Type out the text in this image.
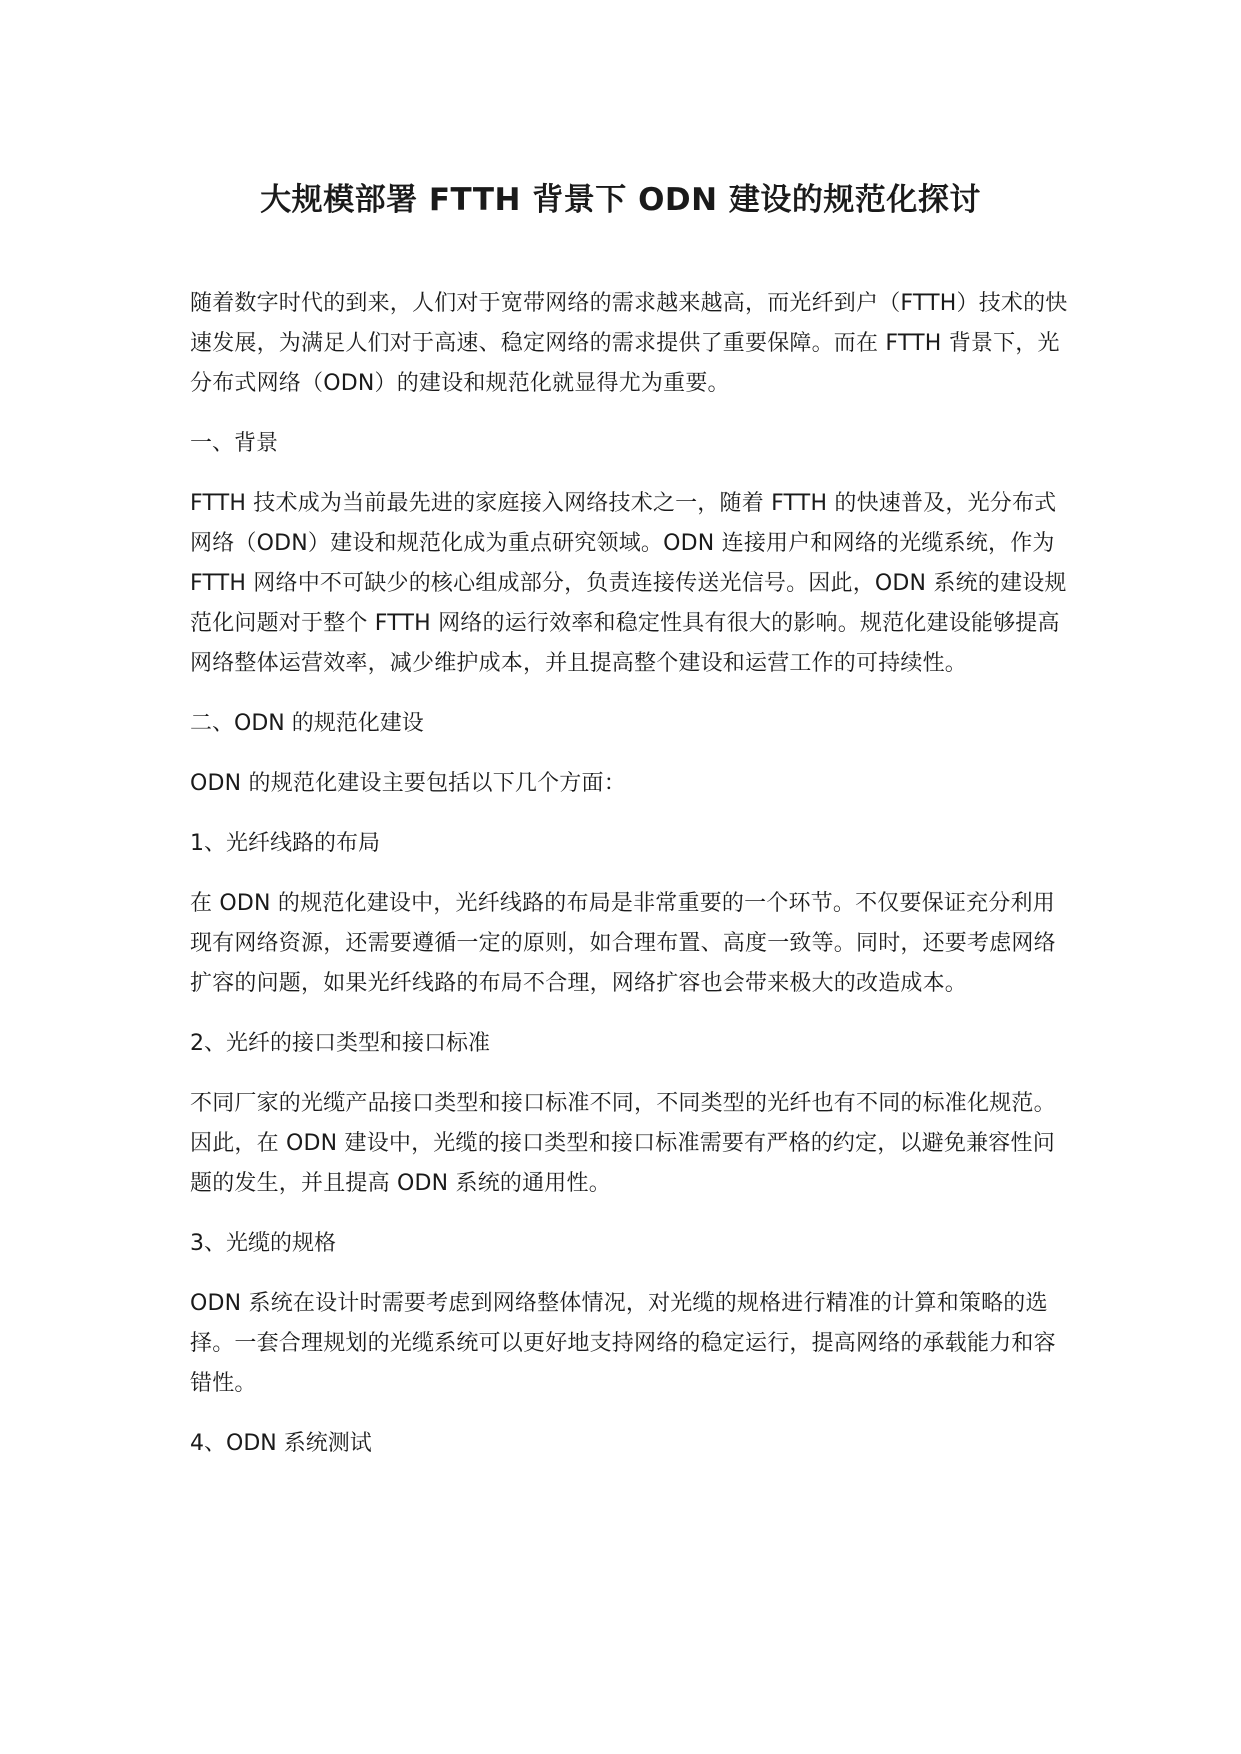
大规模部署 FTTH 背景下 ODN 建设的规范化探讨

随着数字时代的到来，人们对于宽带网络的需求越来越高，而光纤到户（FTTH）技术的快速发展，为满足人们对于高速、稳定网络的需求提供了重要保障。而在 FTTH 背景下，光分布式网络（ODN）的建设和规范化就显得尤为重要。

一、背景

FTTH 技术成为当前最先进的家庭接入网络技术之一，随着 FTTH 的快速普及，光分布式网络（ODN）建设和规范化成为重点研究领域。ODN 连接用户和网络的光缆系统，作为 FTTH 网络中不可缺少的核心组成部分，负责连接传送光信号。因此，ODN 系统的建设规范化问题对于整个 FTTH 网络的运行效率和稳定性具有很大的影响。规范化建设能够提高网络整体运营效率，减少维护成本，并且提高整个建设和运营工作的可持续性。

二、ODN 的规范化建设

ODN 的规范化建设主要包括以下几个方面：

1、光纤线路的布局

在 ODN 的规范化建设中，光纤线路的布局是非常重要的一个环节。不仅要保证充分利用现有网络资源，还需要遵循一定的原则，如合理布置、高度一致等。同时，还要考虑网络扩容的问题，如果光纤线路的布局不合理，网络扩容也会带来极大的改造成本。

2、光纤的接口类型和接口标准

不同厂家的光缆产品接口类型和接口标准不同，不同类型的光纤也有不同的标准化规范。因此，在 ODN 建设中，光缆的接口类型和接口标准需要有严格的约定，以避免兼容性问题的发生，并且提高 ODN 系统的通用性。

3、光缆的规格

ODN 系统在设计时需要考虑到网络整体情况，对光缆的规格进行精准的计算和策略的选择。一套合理规划的光缆系统可以更好地支持网络的稳定运行，提高网络的承载能力和容错性。

4、ODN 系统测试
